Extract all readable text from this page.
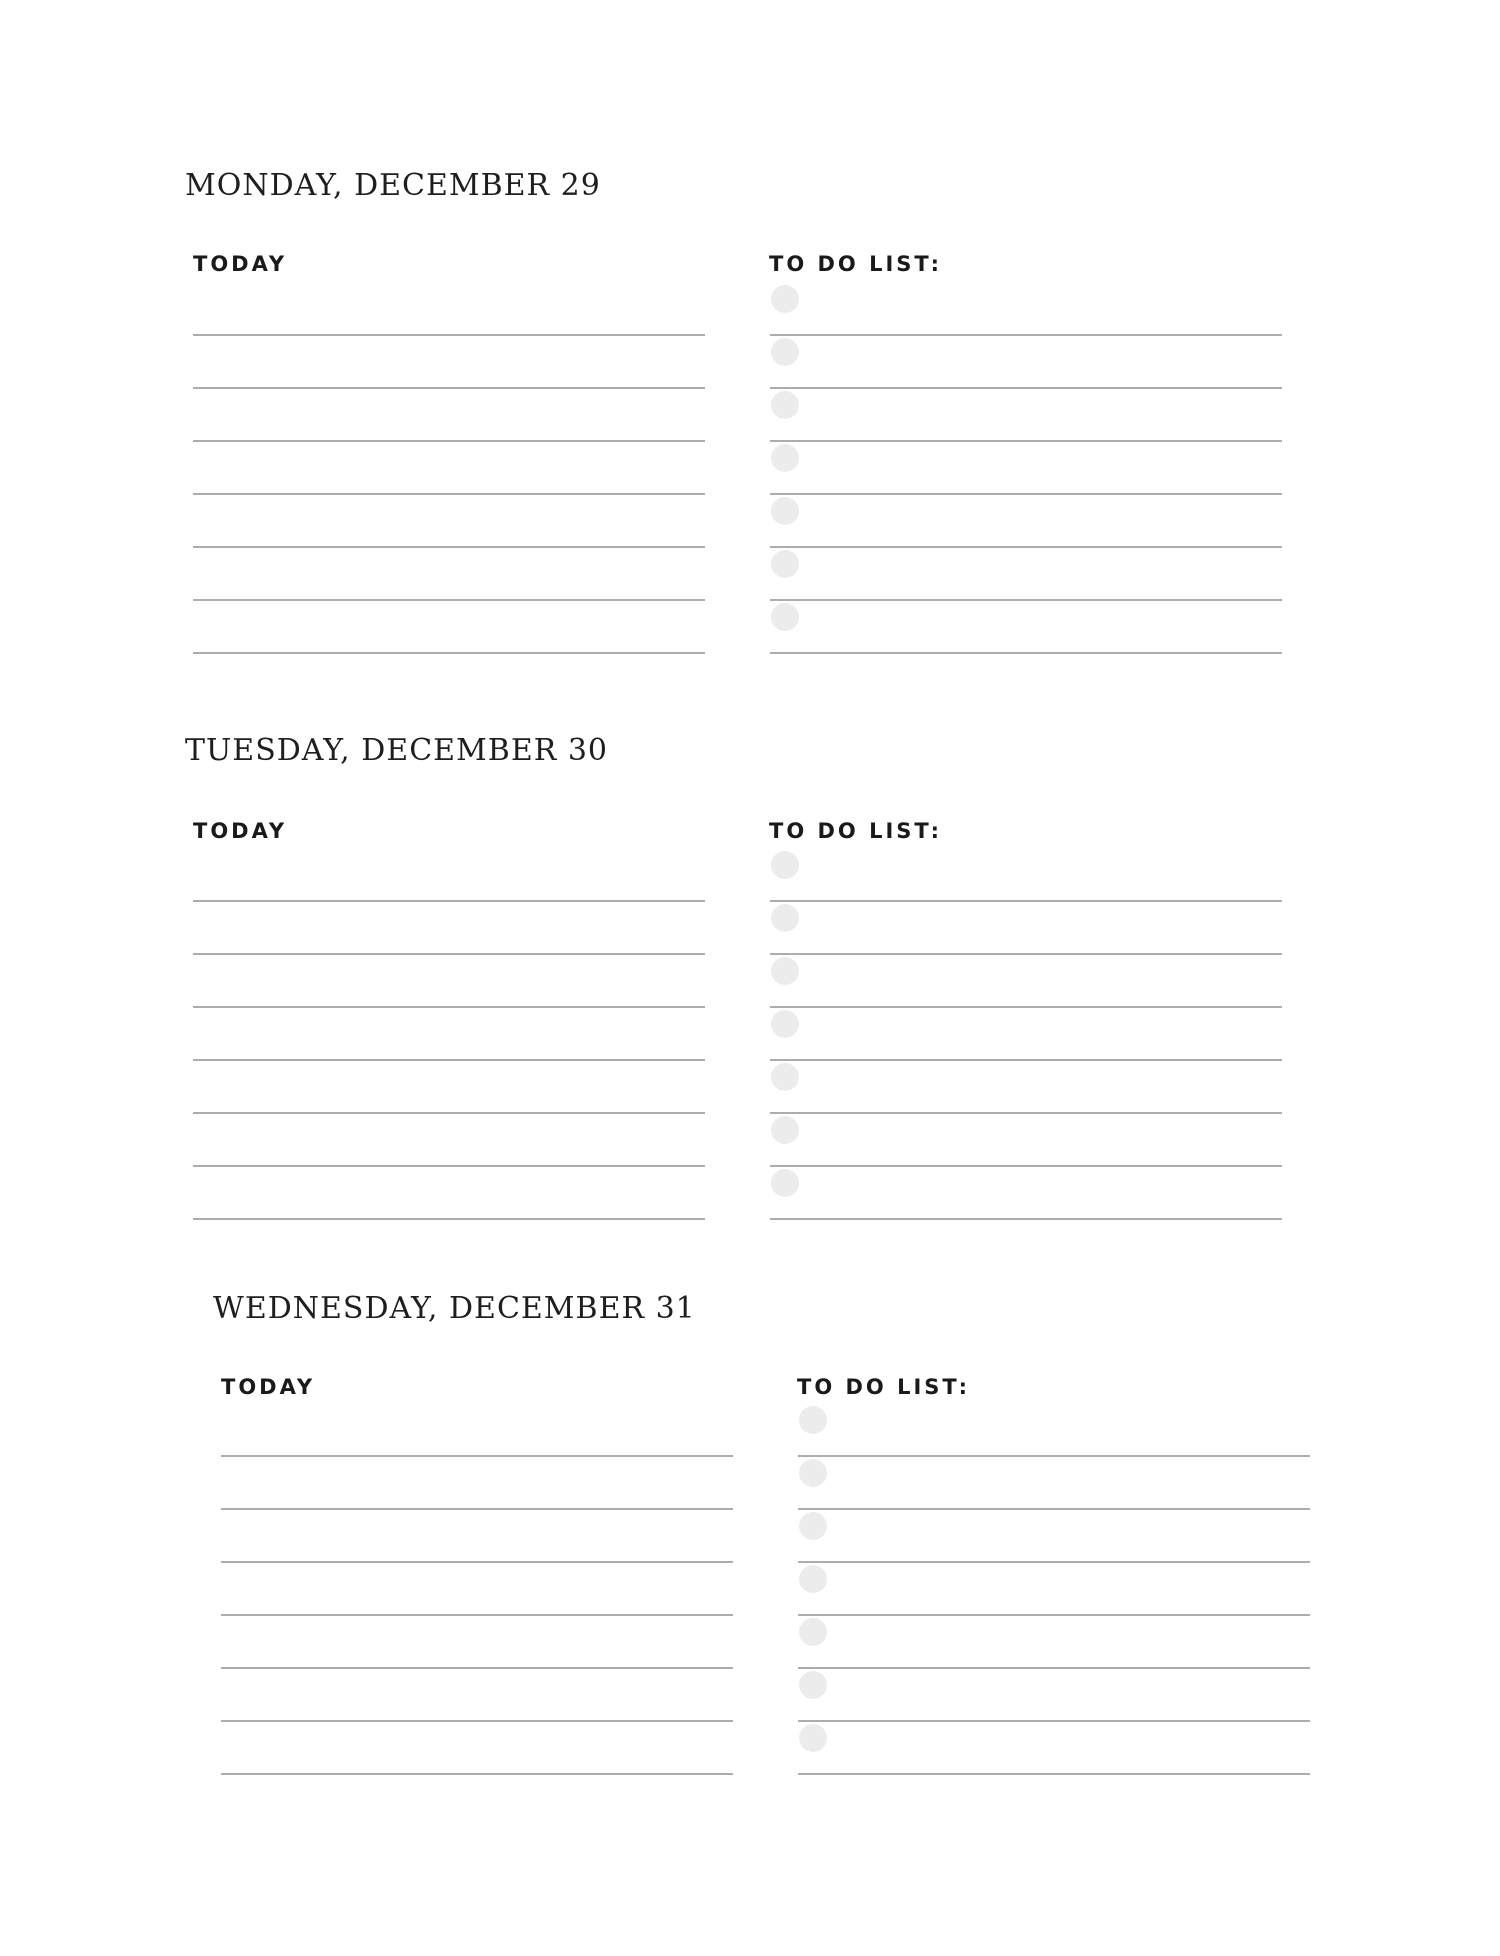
MONDAY, DECEMBER 29
TODAY	TO DO LIST:
TUESDAY, DECEMBER 30
TODAY	TO DO LIST:
WEDNESDAY, DECEMBER 31
TODAY	TO DO LIST:
